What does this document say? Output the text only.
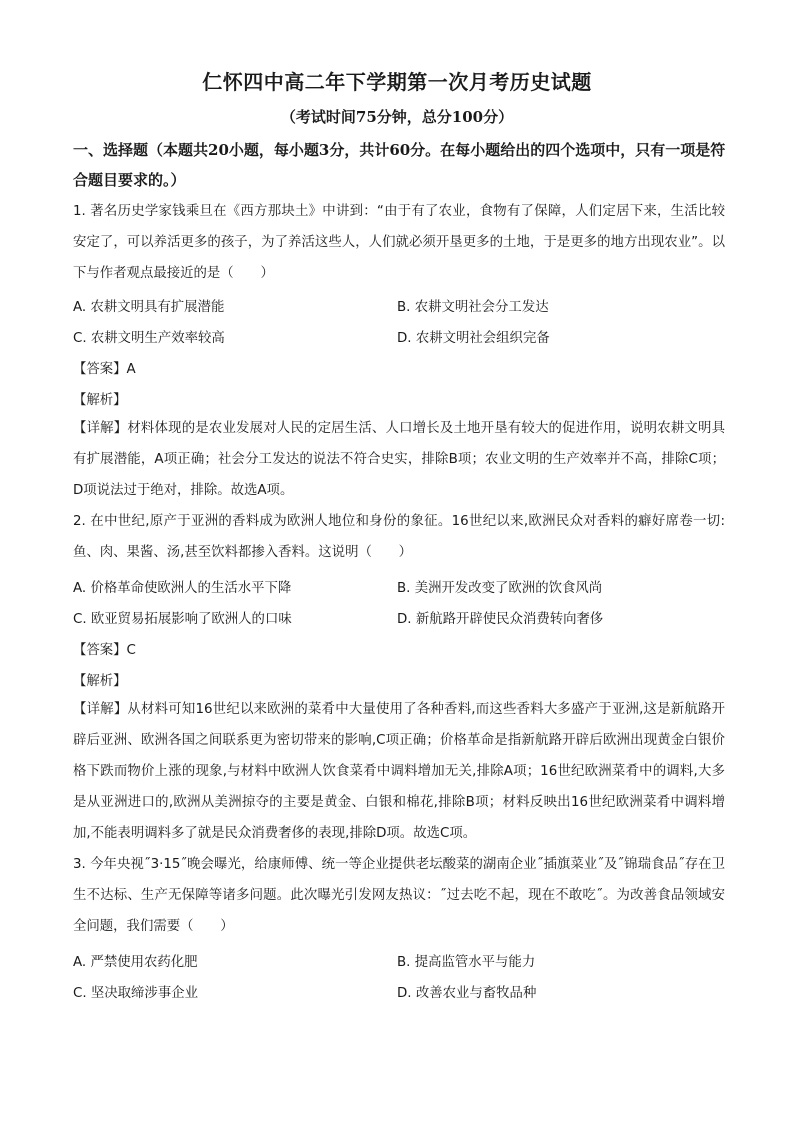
仁怀四中高二年下学期第一次月考历史试题
（考试时间75分钟，总分100分）
一、选择题（本题共20小题，每小题3分，共计60分。在每小题给出的四个选项中，只有一项是符合题目要求的。）
1. 著名历史学家钱乘旦在《西方那块土》中讲到：“由于有了农业，食物有了保障，人们定居下来，生活比较安定了，可以养活更多的孩子，为了养活这些人，人们就必须开垦更多的土地，于是更多的地方出现农业”。以下与作者观点最接近的是（　　）
A. 农耕文明具有扩展潜能	B. 农耕文明社会分工发达
C. 农耕文明生产效率较高	D. 农耕文明社会组织完备
【答案】A
【解析】
【详解】材料体现的是农业发展对人民的定居生活、人口增长及土地开垦有较大的促进作用，说明农耕文明具有扩展潜能，A项正确；社会分工发达的说法不符合史实，排除B项；农业文明的生产效率并不高，排除C项；D项说法过于绝对，排除。故选A项。
2. 在中世纪,原产于亚洲的香料成为欧洲人地位和身份的象征。16世纪以来,欧洲民众对香料的癖好席卷一切:鱼、肉、果酱、汤,甚至饮料都掺入香料。这说明（　　）
A. 价格革命使欧洲人的生活水平下降	B. 美洲开发改变了欧洲的饮食风尚
C. 欧亚贸易拓展影响了欧洲人的口味	D. 新航路开辟使民众消费转向奢侈
【答案】C
【解析】
【详解】从材料可知16世纪以来欧洲的菜肴中大量使用了各种香料,而这些香料大多盛产于亚洲,这是新航路开辟后亚洲、欧洲各国之间联系更为密切带来的影响,C项正确；价格革命是指新航路开辟后欧洲出现黄金白银价格下跌而物价上涨的现象,与材料中欧洲人饮食菜肴中调料增加无关,排除A项；16世纪欧洲菜肴中的调料,大多是从亚洲进口的,欧洲从美洲掠夺的主要是黄金、白银和棉花,排除B项；材料反映出16世纪欧洲菜肴中调料增加,不能表明调料多了就是民众消费奢侈的表现,排除D项。故选C项。
3. 今年央视˝3·15˝晚会曝光，给康师傅、统一等企业提供老坛酸菜的湖南企业˝插旗菜业˝及˝锦瑞食品˝存在卫生不达标、生产无保障等诸多问题。此次曝光引发网友热议：˝过去吃不起，现在不敢吃˝。为改善食品领域安全问题，我们需要（　　）
A. 严禁使用农药化肥	B. 提高监管水平与能力
C. 坚决取缔涉事企业	D. 改善农业与畜牧品种
